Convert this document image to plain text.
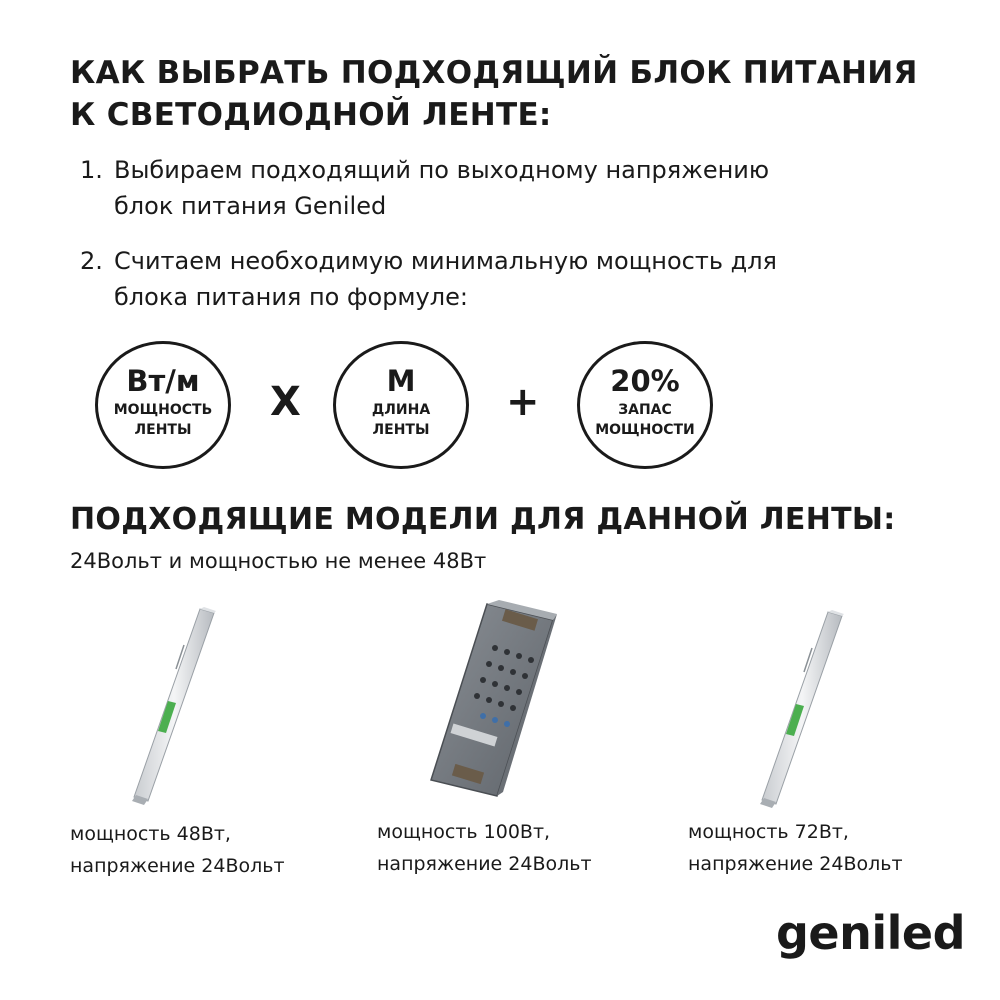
КАК ВЫБРАТЬ ПОДХОДЯЩИЙ БЛОК ПИТАНИЯ
К СВЕТОДИОДНОЙ ЛЕНТЕ:
1. Выбираем подходящий по выходному напряжению
блок питания Geniled
2. Считаем необходимую минимальную мощность для
блока питания по формуле:
Вт/м
МОЩНОСТЬ ЛЕНТЫ
X	М
ДЛИНА ЛЕНТЫ
+	20%
ЗАПАС МОЩНОСТИ
ПОДХОДЯЩИЕ МОДЕЛИ ДЛЯ ДАННОЙ ЛЕНТЫ:
24Вольт и мощностью не менее 48Вт
мощность 48Вт,
напряжение 24Вольт
мощность 100Вт,
напряжение 24Вольт
мощность 72Вт,
напряжение 24Вольт
geniled
